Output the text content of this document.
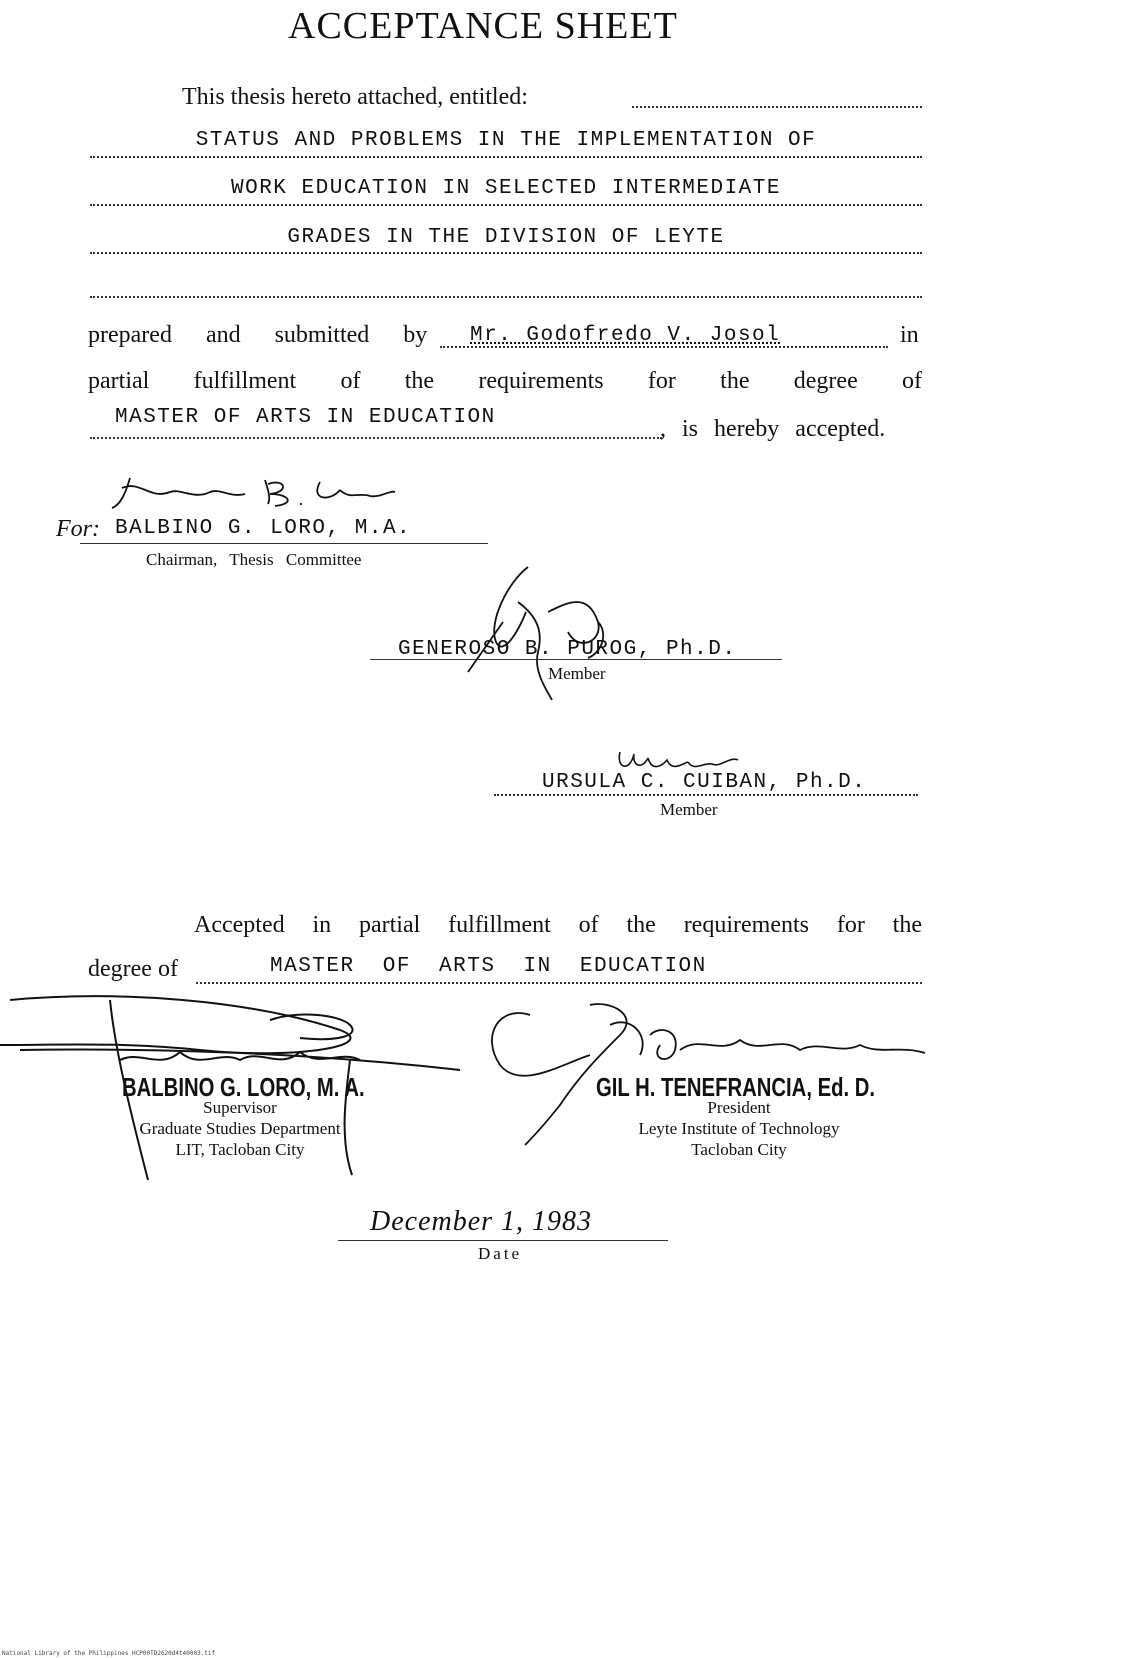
ACCEPTANCE SHEET
This thesis hereto attached, entitled:
STATUS AND PROBLEMS IN THE IMPLEMENTATION OF
WORK EDUCATION IN SELECTED INTERMEDIATE
GRADES IN THE DIVISION OF LEYTE
prepared and submitted by Mr. Godofredo V. Josol	in
partial fulfillment of the requirements for the degree of
MASTER OF ARTS IN EDUCATION	, is hereby accepted.
Josefina B. Gravor
For: BALBINO G. LORO, M.A.
Chairman, Thesis Committee
GENEROSO B. PUROG, Ph.D.
Member
UCuiban
URSULA C. CUIBAN, Ph.D.
Member
Accepted in partial fulfillment of the requirements for the
degree of	MASTER OF ARTS IN EDUCATION
BALBINO G. LORO, M. A.
Supervisor
Graduate Studies Department
LIT, Tacloban City
GIL H. TENEFRANCIA, Ed. D.
President
Leyte Institute of Technology
Tacloban City
December 1, 1983
Date
National Library of the Philippines HCP00TD2620d4t40003.tif
